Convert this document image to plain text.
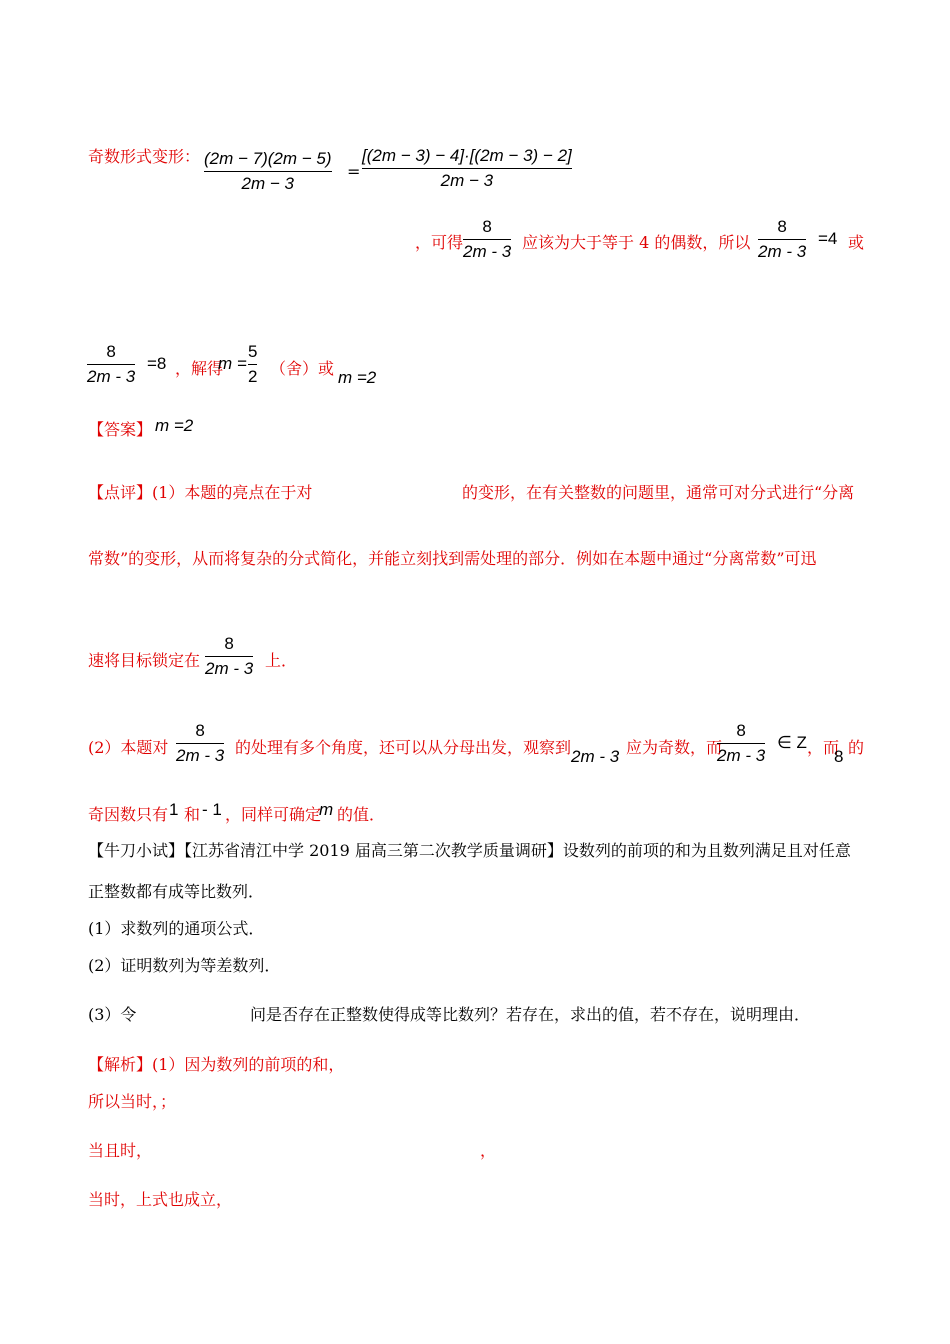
奇数形式变形： (2m − 7)(2m − 5)
2m − 3
=
[(2m − 3) − 4]·[(2m − 3) − 2]
2m − 3
，可得
8
2m - 3 应该为大于等于 4 的偶数，所以
8
2m - 3
=4 或
8
2m - 3
=8 ，解得
m =
5
2 （舍）或 m =2
【答案】 m =2
【点评】(1）本题的亮点在于对	的变形，在有关整数的问题里，通常可对分式进行“分离
常数”的变形，从而将复杂的分式简化，并能立刻找到需处理的部分．例如在本题中通过“分离常数”可迅
速将目标锁定在
8
2m - 3 上．
(2）本题对
8
2m - 3 的处理有多个角度，还可以从分母出发，观察到 2m - 3 应为奇数，而
8
2m - 3
∈ Z ，而
8 的
奇因数只有 1 和 - 1 ，同样可确定
m 的值．
【牛刀小试】【江苏省清江中学 2019 届高三第二次教学质量调研】设数列的前项的和为且数列满足且对任意
正整数都有成等比数列．
(1）求数列的通项公式．
(2）证明数列为等差数列．
(3）令	问是否存在正整数使得成等比数列？若存在，求出的值，若不存在，说明理由．
【解析】(1）因为数列的前项的和，
所以当时，；
当且时，	，
当时，上式也成立，
